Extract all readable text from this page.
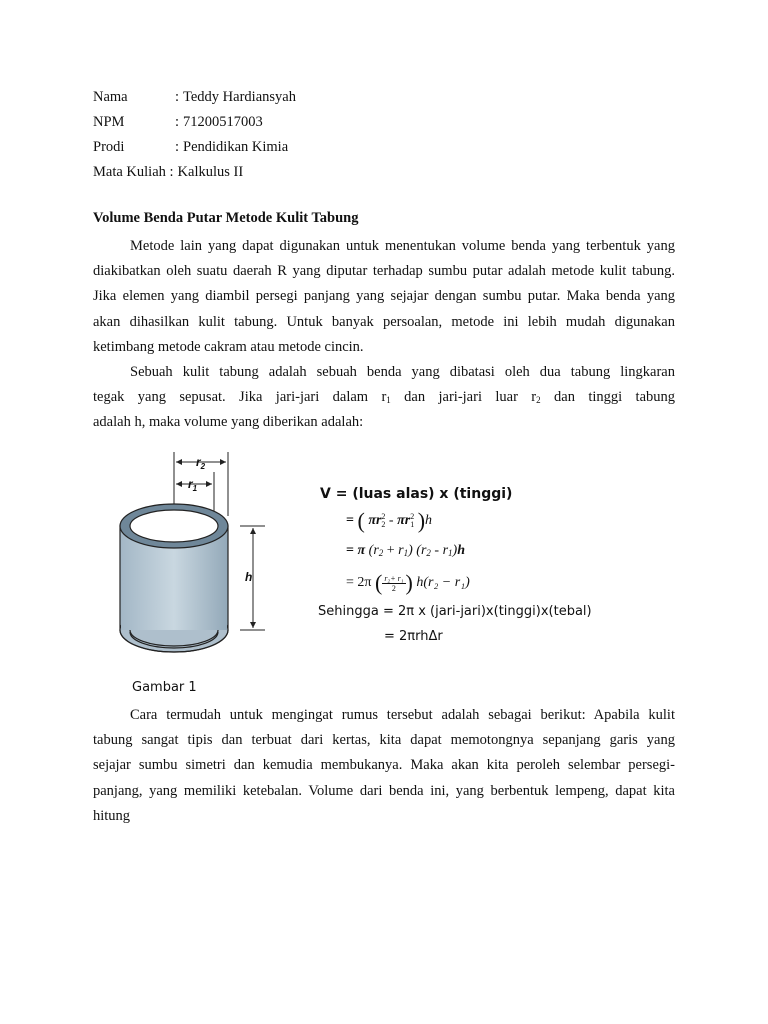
Nama	: Teddy Hardiansyah
NPM	: 71200517003
Prodi	: Pendidikan Kimia
Mata Kuliah : Kalkulus II
Volume Benda Putar Metode Kulit Tabung
Metode lain yang dapat digunakan untuk menentukan volume benda yang terbentuk yang
diakibatkan oleh suatu daerah R yang diputar terhadap sumbu putar adalah metode kulit tabung.
Jika elemen yang diambil persegi panjang yang sejajar dengan sumbu putar. Maka benda yang
akan dihasilkan kulit tabung. Untuk banyak persoalan, metode ini lebih mudah digunakan
ketimbang metode cakram atau metode cincin.
Sebuah kulit tabung adalah sebuah benda yang dibatasi oleh dua tabung lingkaran
tegak yang sepusat. Jika jari-jari dalam $r_1$ dan jari-jari luar $r_2$ dan tinggi tabung
adalah h, maka volume yang diberikan adalah:
$r_2$
$r_1$
h
V = (luas alas) x (tinggi)
= ( πr 2
2 - πr 2
1 )h
= π $(r_2 + r_1)$ $(r_2 - r_1)h$
= 2π ( $\frac{\text{r₂+ r₁}}{2}$ ) h(r₂ − r₁)
Sehingga = 2π x (jari-jari)x(tinggi)x(tebal)
= 2πrhΔr
Gambar 1
Cara termudah untuk mengingat rumus tersebut adalah sebagai berikut: Apabila kulit
tabung sangat tipis dan terbuat dari kertas, kita dapat memotongnya sepanjang garis yang
sejajar sumbu simetri dan kemudia membukanya. Maka akan kita peroleh selembar persegi-
panjang, yang memiliki ketebalan. Volume dari benda ini, yang berbentuk lempeng, dapat kita
hitung
